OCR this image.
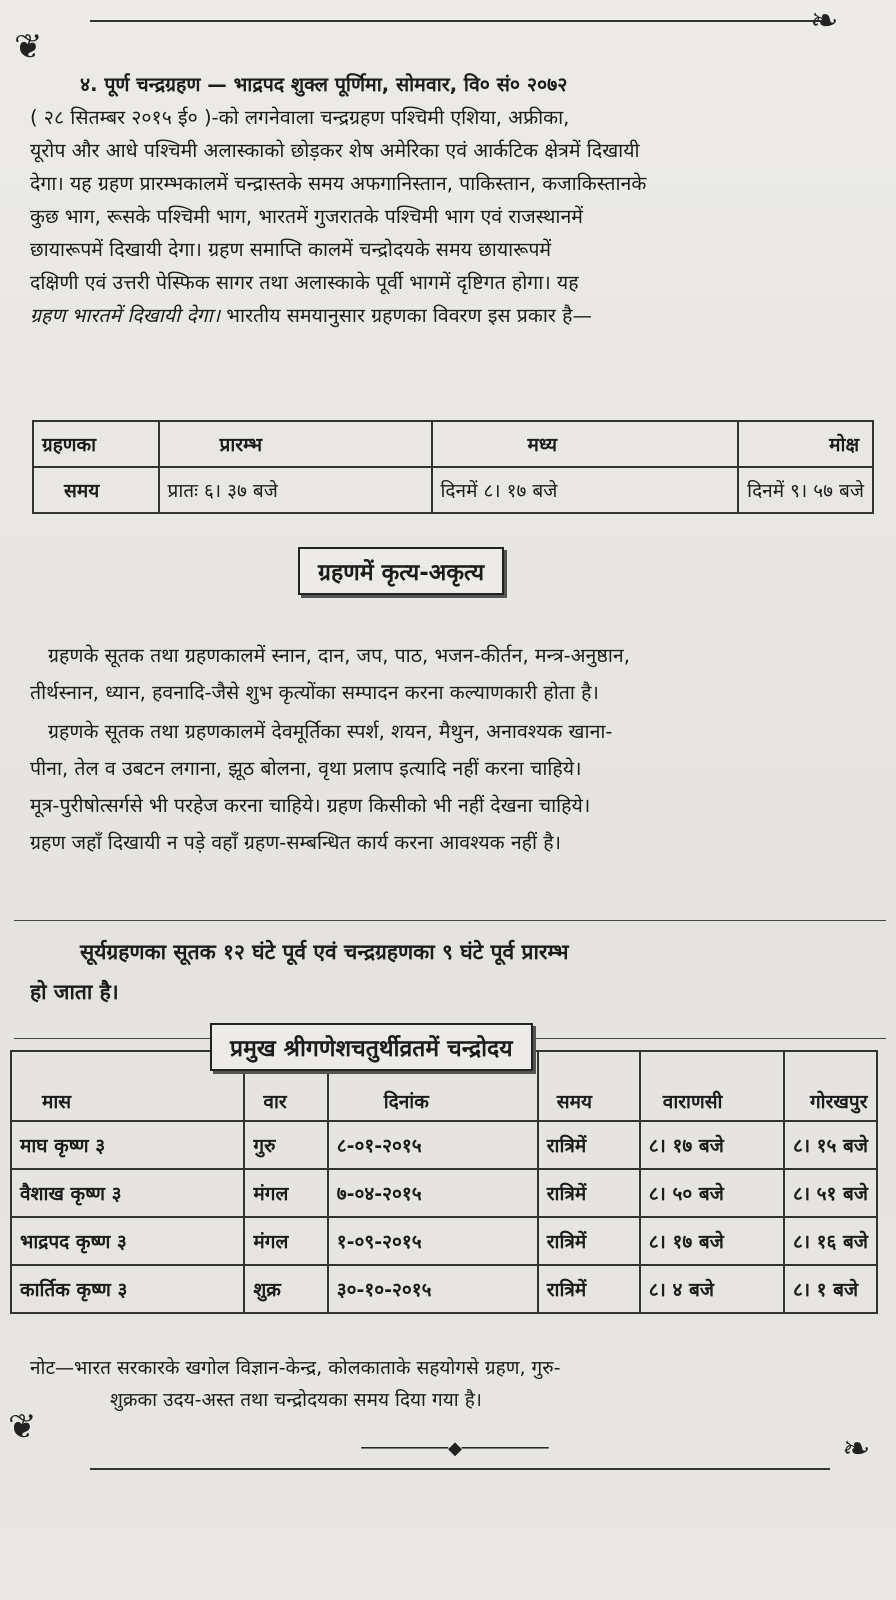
❦
❧
४. पूर्ण चन्द्रग्रहण — भाद्रपद शुक्ल पूर्णिमा, सोमवार, वि० सं० २०७२
( २८ सितम्बर २०१५ ई० )-को लगनेवाला चन्द्रग्रहण पश्चिमी एशिया, अफ्रीका,
यूरोप और आधे पश्चिमी अलास्काको छोड़कर शेष अमेरिका एवं आर्कटिक क्षेत्रमें दिखायी
देगा। यह ग्रहण प्रारम्भकालमें चन्द्रास्तके समय अफगानिस्तान, पाकिस्तान, कजाकिस्तानके
कुछ भाग, रूसके पश्चिमी भाग, भारतमें गुजरातके पश्चिमी भाग एवं राजस्थानमें
छायारूपमें दिखायी देगा। ग्रहण समाप्ति कालमें चन्द्रोदयके समय छायारूपमें
दक्षिणी एवं उत्तरी पेस्फिक सागर तथा अलास्काके पूर्वी भागमें दृष्टिगत होगा। यह
ग्रहण भारतमें दिखायी देगा। भारतीय समयानुसार ग्रहणका विवरण इस प्रकार है—
ग्रहणका	प्रारम्भ	मध्य	मोक्ष
समय	प्रातः ६। ३७ बजे	दिनमें ८। १७ बजे	दिनमें ९। ५७ बजे
ग्रहणमें कृत्य-अकृत्य
ग्रहणके सूतक तथा ग्रहणकालमें स्नान, दान, जप, पाठ, भजन-कीर्तन, मन्त्र-अनुष्ठान,
तीर्थस्नान, ध्यान, हवनादि-जैसे शुभ कृत्योंका सम्पादन करना कल्याणकारी होता है।
ग्रहणके सूतक तथा ग्रहणकालमें देवमूर्तिका स्पर्श, शयन, मैथुन, अनावश्यक खाना-
पीना, तेल व उबटन लगाना, झूठ बोलना, वृथा प्रलाप इत्यादि नहीं करना चाहिये।
मूत्र-पुरीषोत्सर्गसे भी परहेज करना चाहिये। ग्रहण किसीको भी नहीं देखना चाहिये।
ग्रहण जहाँ दिखायी न पड़े वहाँ ग्रहण-सम्बन्धित कार्य करना आवश्यक नहीं है।
सूर्यग्रहणका सूतक १२ घंटे पूर्व एवं चन्द्रग्रहणका ९ घंटे पूर्व प्रारम्भ
हो जाता है।
मास	वार	दिनांक	समय	वाराणसी	गोरखपुर
माघ कृष्ण ३	गुरु	८-०१-२०१५	रात्रिमें	८। १७ बजे	८। १५ बजे
वैशाख कृष्ण ३	मंगल	७-०४-२०१५	रात्रिमें	८। ५० बजे	८। ५१ बजे
भाद्रपद कृष्ण ३	मंगल	१-०९-२०१५	रात्रिमें	८। १७ बजे	८। १६ बजे
कार्तिक कृष्ण ३	शुक्र	३०-१०-२०१५	रात्रिमें	८। ४ बजे	८। १ बजे
प्रमुख श्रीगणेशचतुर्थीव्रतमें चन्द्रोदय
नोट—भारत सरकारके खगोल विज्ञान-केन्द्र, कोलकाताके सहयोगसे ग्रहण, गुरु-
शुक्रका उदय-अस्त तथा चन्द्रोदयका समय दिया गया है।
────────◆────────
❦
❧
